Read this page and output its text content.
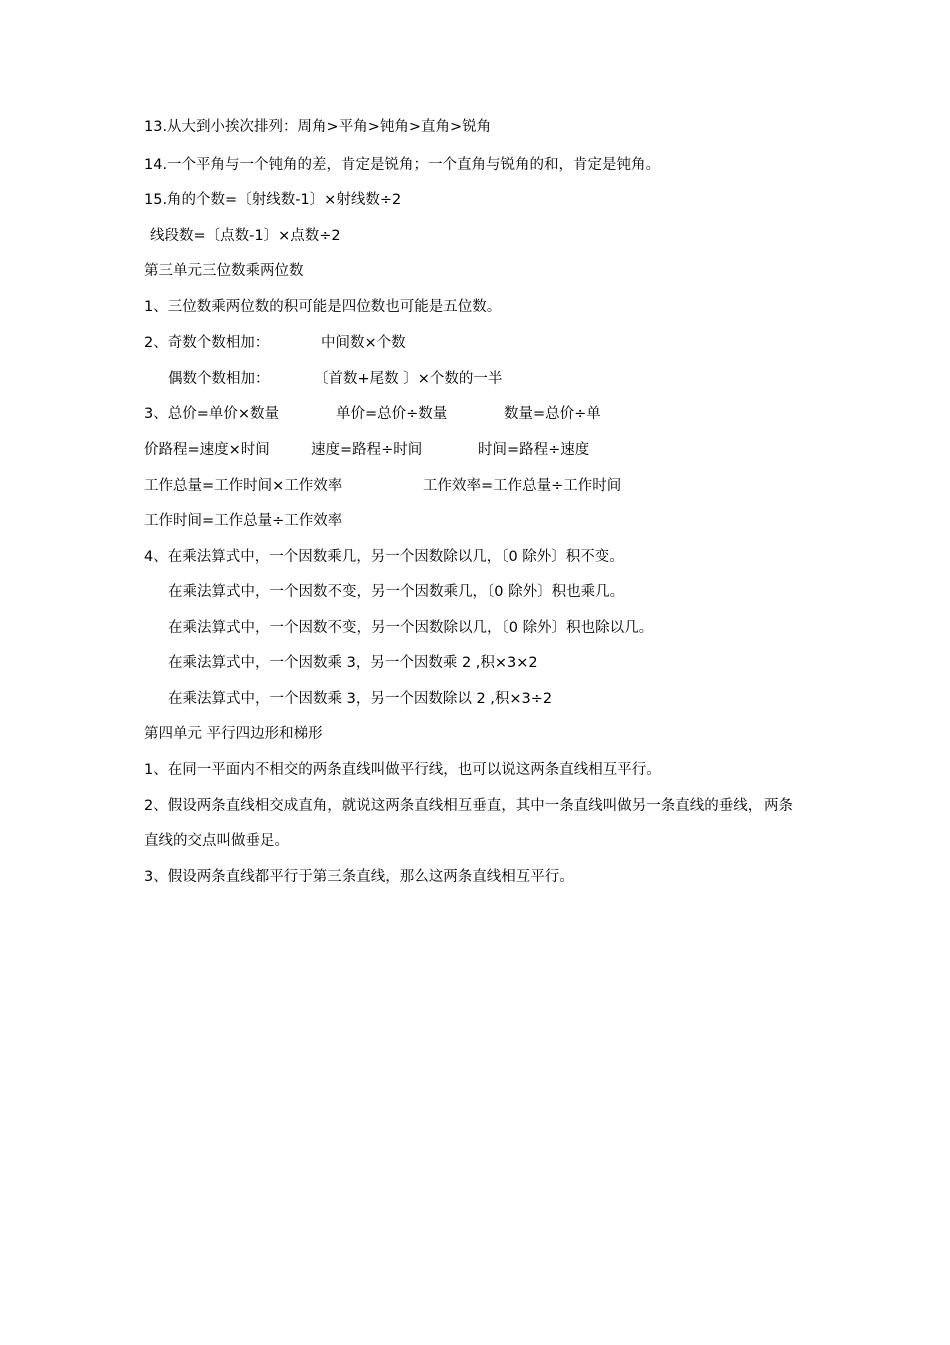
13.从大到小挨次排列：周角>平角>钝角>直角>锐角
14.一个平角与一个钝角的差，肯定是锐角；一个直角与锐角的和，肯定是钝角。
15.角的个数=〔射线数-1〕×射线数÷2
线段数=〔点数-1〕×点数÷2
第三单元三位数乘两位数
1、三位数乘两位数的积可能是四位数也可能是五位数。
2、奇数个数相加：	中间数×个数
偶数个数相加：	〔首数+尾数 〕×个数的一半
3、总价=单价×数量	单价=总价÷数量	数量=总价÷单
价路程=速度×时间	速度=路程÷时间	时间=路程÷速度
工作总量=工作时间×工作效率	工作效率=工作总量÷工作时间
工作时间=工作总量÷工作效率
4、在乘法算式中，一个因数乘几，另一个因数除以几，〔0 除外〕积不变。
在乘法算式中，一个因数不变，另一个因数乘几，〔0 除外〕积也乘几。
在乘法算式中，一个因数不变，另一个因数除以几，〔0 除外〕积也除以几。
在乘法算式中，一个因数乘 3，另一个因数乘 2 ,积×3×2
在乘法算式中，一个因数乘 3，另一个因数除以 2 ,积×3÷2
第四单元 平行四边形和梯形
1、在同一平面内不相交的两条直线叫做平行线，也可以说这两条直线相互平行。
2、假设两条直线相交成直角，就说这两条直线相互垂直，其中一条直线叫做另一条直线的垂线， 两条
直线的交点叫做垂足。
3、假设两条直线都平行于第三条直线，那么这两条直线相互平行。
